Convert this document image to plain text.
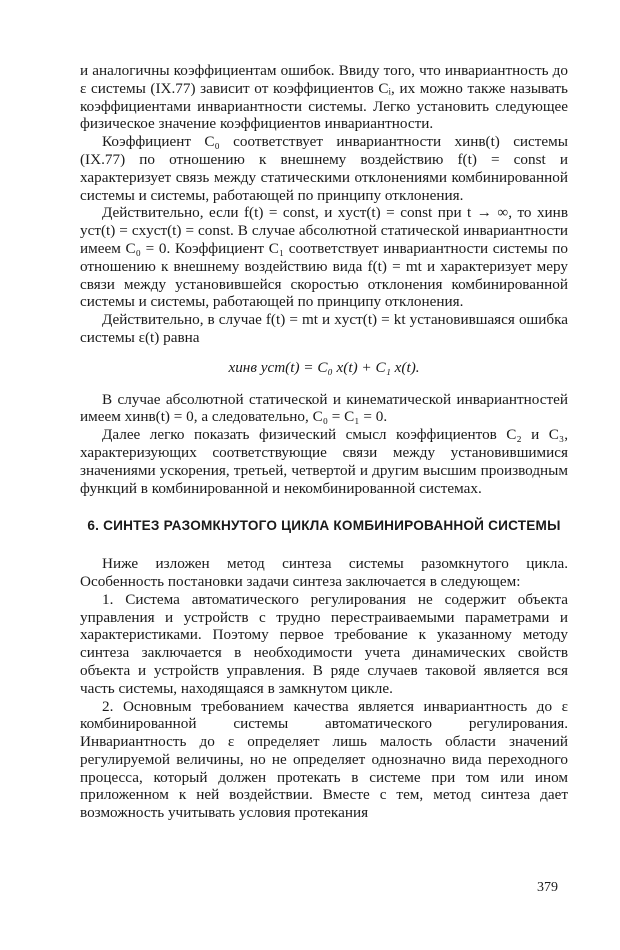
и аналогичны коэффициентам ошибок. Ввиду того, что инвариантность до ε системы (IX.77) зависит от коэффициентов Cᵢ, их можно также называть коэффициентами инвариантности системы. Легко установить следующее физическое значение коэффициентов инвариантности.

Коэффициент C₀ соответствует инвариантности xинв(t) системы (IX.77) по отношению к внешнему воздействию f(t) = const и характеризует связь между статическими отклонениями комбинированной системы и системы, работающей по принципу отклонения.

Действительно, если f(t) = const, и xуст(t) = const при t → ∞, то xинв уст(t) = cxуст(t) = const. В случае абсолютной статической инвариантности имеем C₀ = 0. Коэффициент C₁ соответствует инвариантности системы по отношению к внешнему воздействию вида f(t) = mt и характеризует меру связи между установившейся скоростью отклонения комбинированной системы и системы, работающей по принципу отклонения.

Действительно, в случае f(t) = mt и xуст(t) = kt установившаяся ошибка системы ε(t) равна

xинв уст(t) = C₀ x(t) + C₁ x(t).

В случае абсолютной статической и кинематической инвариантностей имеем xинв(t) = 0, а следовательно, C₀ = C₁ = 0.

Далее легко показать физический смысл коэффициентов C₂ и C₃, характеризующих соответствующие связи между установившимися значениями ускорения, третьей, четвертой и другим высшим производным функций в комбинированной и некомбинированной системах.

6. СИНТЕЗ РАЗОМКНУТОГО ЦИКЛА КОМБИНИРОВАННОЙ СИСТЕМЫ

Ниже изложен метод синтеза системы разомкнутого цикла. Особенность постановки задачи синтеза заключается в следующем:

1. Система автоматического регулирования не содержит объекта управления и устройств с трудно перестраиваемыми параметрами и характеристиками. Поэтому первое требование к указанному методу синтеза заключается в необходимости учета динамических свойств объекта и устройств управления. В ряде случаев таковой является вся часть системы, находящаяся в замкнутом цикле.

2. Основным требованием качества является инвариантность до ε комбинированной системы автоматического регулирования. Инвариантность до ε определяет лишь малость области значений регулируемой величины, но не определяет однозначно вида переходного процесса, который должен протекать в системе при том или ином приложенном к ней воздействии. Вместе с тем, метод синтеза дает возможность учитывать условия протекания

379
